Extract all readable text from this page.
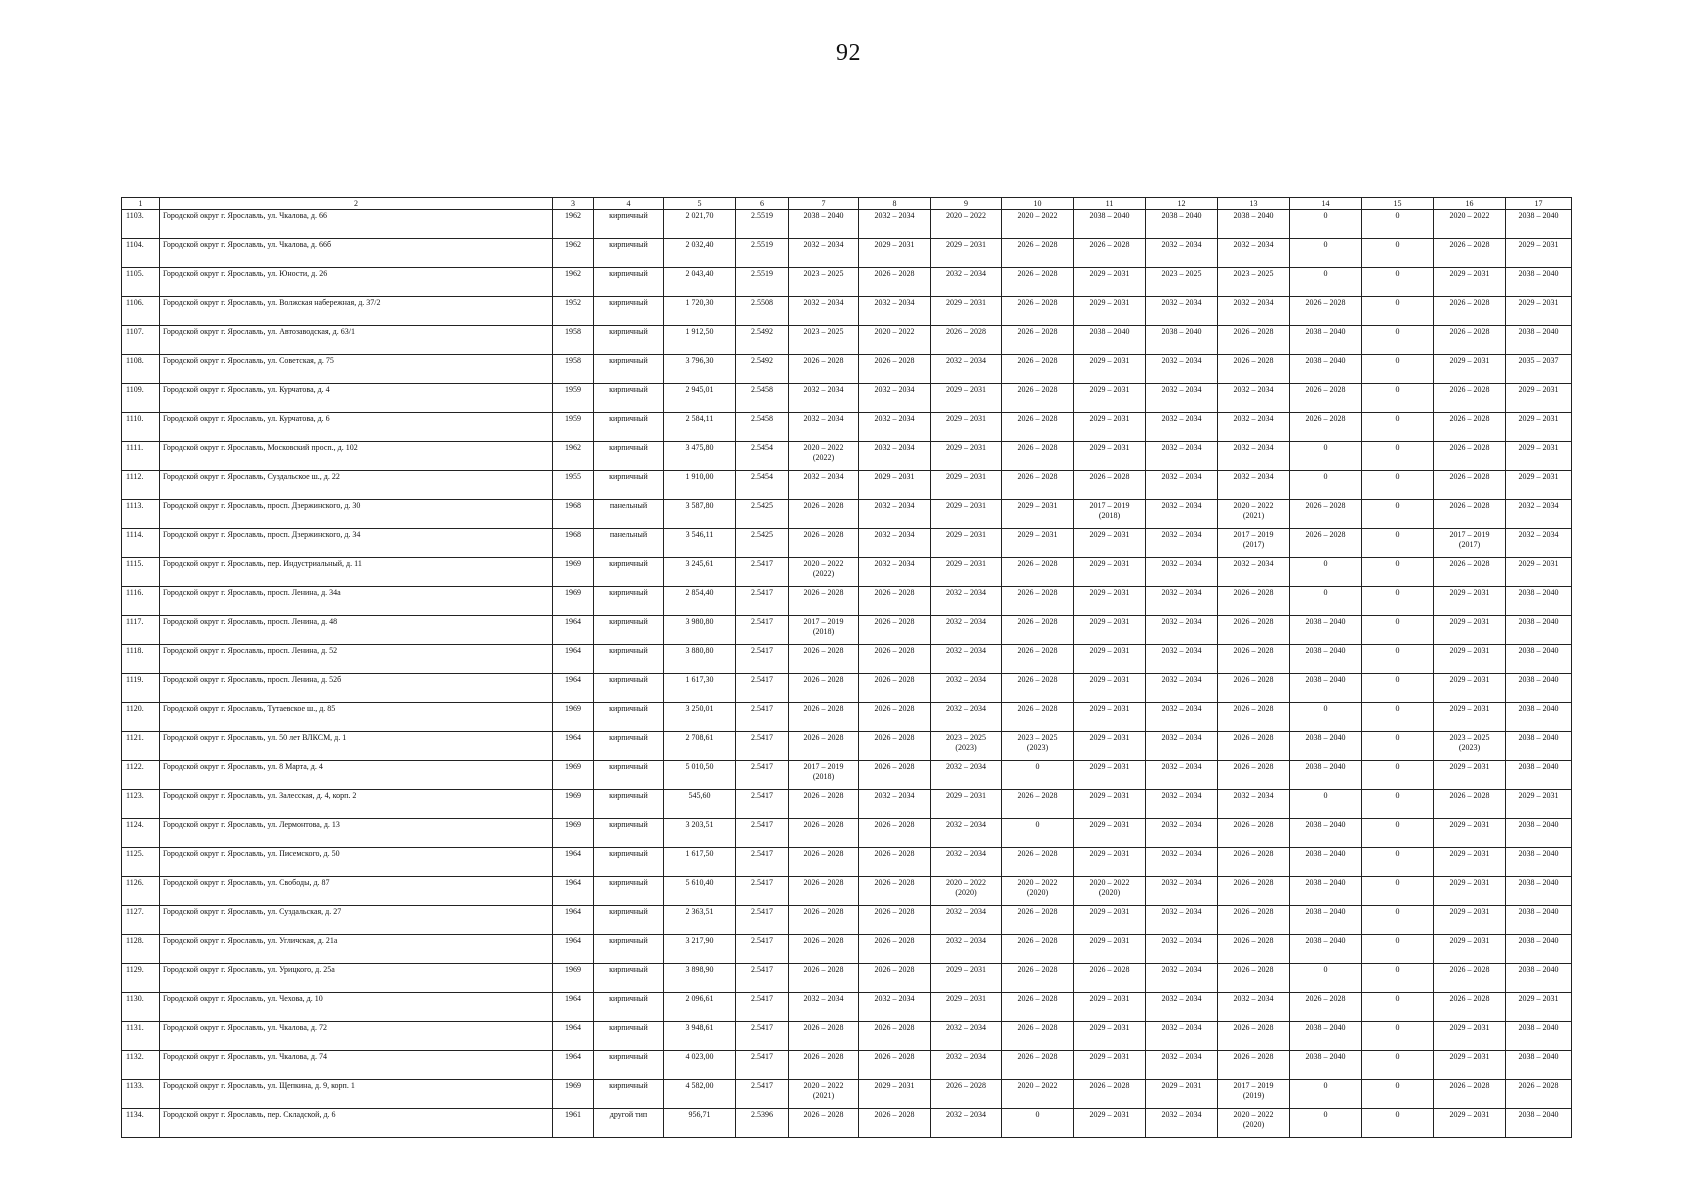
92
1	2	3	4	5	6	7	8	9	10	11	12	13	14	15	16	17

1103.	Городской округ г. Ярославль, ул. Чкалова, д. 66	1962	кирпичный	2 021,70	2.5519	2038 – 2040	2032 – 2034	2020 – 2022	2020 – 2022	2038 – 2040	2038 – 2040	2038 – 2040	0	0	2020 – 2022	2038 – 2040

1104.	Городской округ г. Ярославль, ул. Чкалова, д. 66б	1962	кирпичный	2 032,40	2.5519	2032 – 2034	2029 – 2031	2029 – 2031	2026 – 2028	2026 – 2028	2032 – 2034	2032 – 2034	0	0	2026 – 2028	2029 – 2031

1105.	Городской округ г. Ярославль, ул. Юности, д. 26	1962	кирпичный	2 043,40	2.5519	2023 – 2025	2026 – 2028	2032 – 2034	2026 – 2028	2029 – 2031	2023 – 2025	2023 – 2025	0	0	2029 – 2031	2038 – 2040

1106.	Городской округ г. Ярославль, ул. Волжская набережная, д. 37/2	1952	кирпичный	1 720,30	2.5508	2032 – 2034	2032 – 2034	2029 – 2031	2026 – 2028	2029 – 2031	2032 – 2034	2032 – 2034	2026 – 2028	0	2026 – 2028	2029 – 2031

1107.	Городской округ г. Ярославль, ул. Автозаводская, д. 63/1	1958	кирпичный	1 912,50	2.5492	2023 – 2025	2020 – 2022	2026 – 2028	2026 – 2028	2038 – 2040	2038 – 2040	2026 – 2028	2038 – 2040	0	2026 – 2028	2038 – 2040

1108.	Городской округ г. Ярославль, ул. Советская, д. 75	1958	кирпичный	3 796,30	2.5492	2026 – 2028	2026 – 2028	2032 – 2034	2026 – 2028	2029 – 2031	2032 – 2034	2026 – 2028	2038 – 2040	0	2029 – 2031	2035 – 2037

1109.	Городской округ г. Ярославль, ул. Курчатова, д. 4	1959	кирпичный	2 945,01	2.5458	2032 – 2034	2032 – 2034	2029 – 2031	2026 – 2028	2029 – 2031	2032 – 2034	2032 – 2034	2026 – 2028	0	2026 – 2028	2029 – 2031

1110.	Городской округ г. Ярославль, ул. Курчатова, д. 6	1959	кирпичный	2 584,11	2.5458	2032 – 2034	2032 – 2034	2029 – 2031	2026 – 2028	2029 – 2031	2032 – 2034	2032 – 2034	2026 – 2028	0	2026 – 2028	2029 – 2031

1111.	Городской округ г. Ярославль, Московский просп., д. 102	1962	кирпичный	3 475,80	2.5454	2020 – 2022
(2022)	2032 – 2034	2029 – 2031	2026 – 2028	2029 – 2031	2032 – 2034	2032 – 2034	0	0	2026 – 2028	2029 – 2031

1112.	Городской округ г. Ярославль, Суздальское ш., д. 22	1955	кирпичный	1 910,00	2.5454	2032 – 2034	2029 – 2031	2029 – 2031	2026 – 2028	2026 – 2028	2032 – 2034	2032 – 2034	0	0	2026 – 2028	2029 – 2031

1113.	Городской округ г. Ярославль, просп. Дзержинского, д. 30	1968	панельный	3 587,80	2.5425	2026 – 2028	2032 – 2034	2029 – 2031	2029 – 2031	2017 – 2019
(2018)	2032 – 2034	2020 – 2022
(2021)	2026 – 2028	0	2026 – 2028	2032 – 2034

1114.	Городской округ г. Ярославль, просп. Дзержинского, д. 34	1968	панельный	3 546,11	2.5425	2026 – 2028	2032 – 2034	2029 – 2031	2029 – 2031	2029 – 2031	2032 – 2034	2017 – 2019
(2017)	2026 – 2028	0	2017 – 2019
(2017)	2032 – 2034

1115.	Городской округ г. Ярославль, пер. Индустриальный, д. 11	1969	кирпичный	3 245,61	2.5417	2020 – 2022
(2022)	2032 – 2034	2029 – 2031	2026 – 2028	2029 – 2031	2032 – 2034	2032 – 2034	0	0	2026 – 2028	2029 – 2031

1116.	Городской округ г. Ярославль, просп. Ленина, д. 34а	1969	кирпичный	2 854,40	2.5417	2026 – 2028	2026 – 2028	2032 – 2034	2026 – 2028	2029 – 2031	2032 – 2034	2026 – 2028	0	0	2029 – 2031	2038 – 2040

1117.	Городской округ г. Ярославль, просп. Ленина, д. 48	1964	кирпичный	3 980,80	2.5417	2017 – 2019
(2018)	2026 – 2028	2032 – 2034	2026 – 2028	2029 – 2031	2032 – 2034	2026 – 2028	2038 – 2040	0	2029 – 2031	2038 – 2040

1118.	Городской округ г. Ярославль, просп. Ленина, д. 52	1964	кирпичный	3 880,80	2.5417	2026 – 2028	2026 – 2028	2032 – 2034	2026 – 2028	2029 – 2031	2032 – 2034	2026 – 2028	2038 – 2040	0	2029 – 2031	2038 – 2040

1119.	Городской округ г. Ярославль, просп. Ленина, д. 52б	1964	кирпичный	1 617,30	2.5417	2026 – 2028	2026 – 2028	2032 – 2034	2026 – 2028	2029 – 2031	2032 – 2034	2026 – 2028	2038 – 2040	0	2029 – 2031	2038 – 2040

1120.	Городской округ г. Ярославль, Тутаевское ш., д. 85	1969	кирпичный	3 250,01	2.5417	2026 – 2028	2026 – 2028	2032 – 2034	2026 – 2028	2029 – 2031	2032 – 2034	2026 – 2028	0	0	2029 – 2031	2038 – 2040

1121.	Городской округ г. Ярославль, ул. 50 лет ВЛКСМ, д. 1	1964	кирпичный	2 708,61	2.5417	2026 – 2028	2026 – 2028	2023 – 2025
(2023)	2023 – 2025
(2023)	2029 – 2031	2032 – 2034	2026 – 2028	2038 – 2040	0	2023 – 2025
(2023)	2038 – 2040

1122.	Городской округ г. Ярославль, ул. 8 Марта, д. 4	1969	кирпичный	5 010,50	2.5417	2017 – 2019
(2018)	2026 – 2028	2032 – 2034	0	2029 – 2031	2032 – 2034	2026 – 2028	2038 – 2040	0	2029 – 2031	2038 – 2040

1123.	Городской округ г. Ярославль, ул. Залесская, д. 4, корп. 2	1969	кирпичный	545,60	2.5417	2026 – 2028	2032 – 2034	2029 – 2031	2026 – 2028	2029 – 2031	2032 – 2034	2032 – 2034	0	0	2026 – 2028	2029 – 2031

1124.	Городской округ г. Ярославль, ул. Лермонтова, д. 13	1969	кирпичный	3 203,51	2.5417	2026 – 2028	2026 – 2028	2032 – 2034	0	2029 – 2031	2032 – 2034	2026 – 2028	2038 – 2040	0	2029 – 2031	2038 – 2040

1125.	Городской округ г. Ярославль, ул. Писемского, д. 50	1964	кирпичный	1 617,50	2.5417	2026 – 2028	2026 – 2028	2032 – 2034	2026 – 2028	2029 – 2031	2032 – 2034	2026 – 2028	2038 – 2040	0	2029 – 2031	2038 – 2040

1126.	Городской округ г. Ярославль, ул. Свободы, д. 87	1964	кирпичный	5 610,40	2.5417	2026 – 2028	2026 – 2028	2020 – 2022
(2020)	2020 – 2022
(2020)	2020 – 2022
(2020)	2032 – 2034	2026 – 2028	2038 – 2040	0	2029 – 2031	2038 – 2040

1127.	Городской округ г. Ярославль, ул. Суздальская, д. 27	1964	кирпичный	2 363,51	2.5417	2026 – 2028	2026 – 2028	2032 – 2034	2026 – 2028	2029 – 2031	2032 – 2034	2026 – 2028	2038 – 2040	0	2029 – 2031	2038 – 2040

1128.	Городской округ г. Ярославль, ул. Угличская, д. 21а	1964	кирпичный	3 217,90	2.5417	2026 – 2028	2026 – 2028	2032 – 2034	2026 – 2028	2029 – 2031	2032 – 2034	2026 – 2028	2038 – 2040	0	2029 – 2031	2038 – 2040

1129.	Городской округ г. Ярославль, ул. Урицкого, д. 25а	1969	кирпичный	3 898,90	2.5417	2026 – 2028	2026 – 2028	2029 – 2031	2026 – 2028	2026 – 2028	2032 – 2034	2026 – 2028	0	0	2026 – 2028	2038 – 2040

1130.	Городской округ г. Ярославль, ул. Чехова, д. 10	1964	кирпичный	2 096,61	2.5417	2032 – 2034	2032 – 2034	2029 – 2031	2026 – 2028	2029 – 2031	2032 – 2034	2032 – 2034	2026 – 2028	0	2026 – 2028	2029 – 2031

1131.	Городской округ г. Ярославль, ул. Чкалова, д. 72	1964	кирпичный	3 948,61	2.5417	2026 – 2028	2026 – 2028	2032 – 2034	2026 – 2028	2029 – 2031	2032 – 2034	2026 – 2028	2038 – 2040	0	2029 – 2031	2038 – 2040

1132.	Городской округ г. Ярославль, ул. Чкалова, д. 74	1964	кирпичный	4 023,00	2.5417	2026 – 2028	2026 – 2028	2032 – 2034	2026 – 2028	2029 – 2031	2032 – 2034	2026 – 2028	2038 – 2040	0	2029 – 2031	2038 – 2040

1133.	Городской округ г. Ярославль, ул. Щепкина, д. 9, корп. 1	1969	кирпичный	4 582,00	2.5417	2020 – 2022
(2021)	2029 – 2031	2026 – 2028	2020 – 2022	2026 – 2028	2029 – 2031	2017 – 2019
(2019)	0	0	2026 – 2028	2026 – 2028

1134.	Городской округ г. Ярославль, пер. Складской, д. 6	1961	другой тип	956,71	2.5396	2026 – 2028	2026 – 2028	2032 – 2034	0	2029 – 2031	2032 – 2034	2020 – 2022
(2020)	0	0	2029 – 2031	2038 – 2040
